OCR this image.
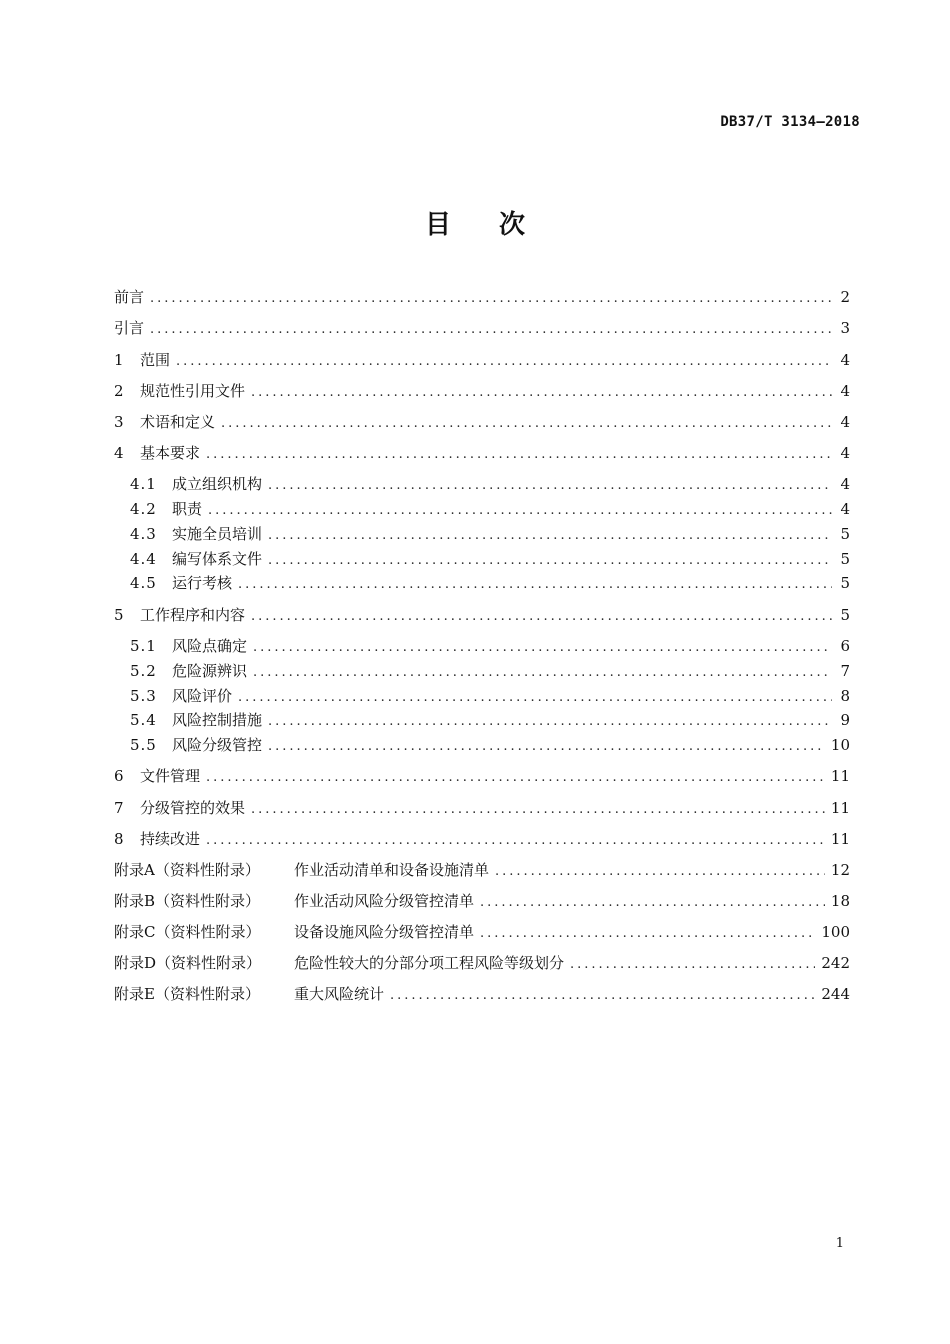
DB37/T 3134—2018
目次
前言 .....	2
引言 .....	3
1	范围 .....	4
2	规范性引用文件 .....	4
3	术语和定义 .....	4
4	基本要求 .....	4
4.1	成立组织机构 .....	4
4.2	职责 .....	4
4.3	实施全员培训 .....	5
4.4	编写体系文件 .....	5
4.5	运行考核 .....	5
5	工作程序和内容 .....	5
5.1	风险点确定 .....	6
5.2	危险源辨识 .....	7
5.3	风险评价 .....	8
5.4	风险控制措施 .....	9
5.5	风险分级管控 .....	10
6	文件管理 .....	11
7	分级管控的效果 .....	11
8	持续改进 .....	11
附录A（资料性附录）	作业活动清单和设备设施清单 .....	12
附录B（资料性附录）	作业活动风险分级管控清单 .....	18
附录C（资料性附录）	设备设施风险分级管控清单 .....	100
附录D（资料性附录）	危险性较大的分部分项工程风险等级划分 .....	242
附录E（资料性附录）	重大风险统计 .....	244
1
